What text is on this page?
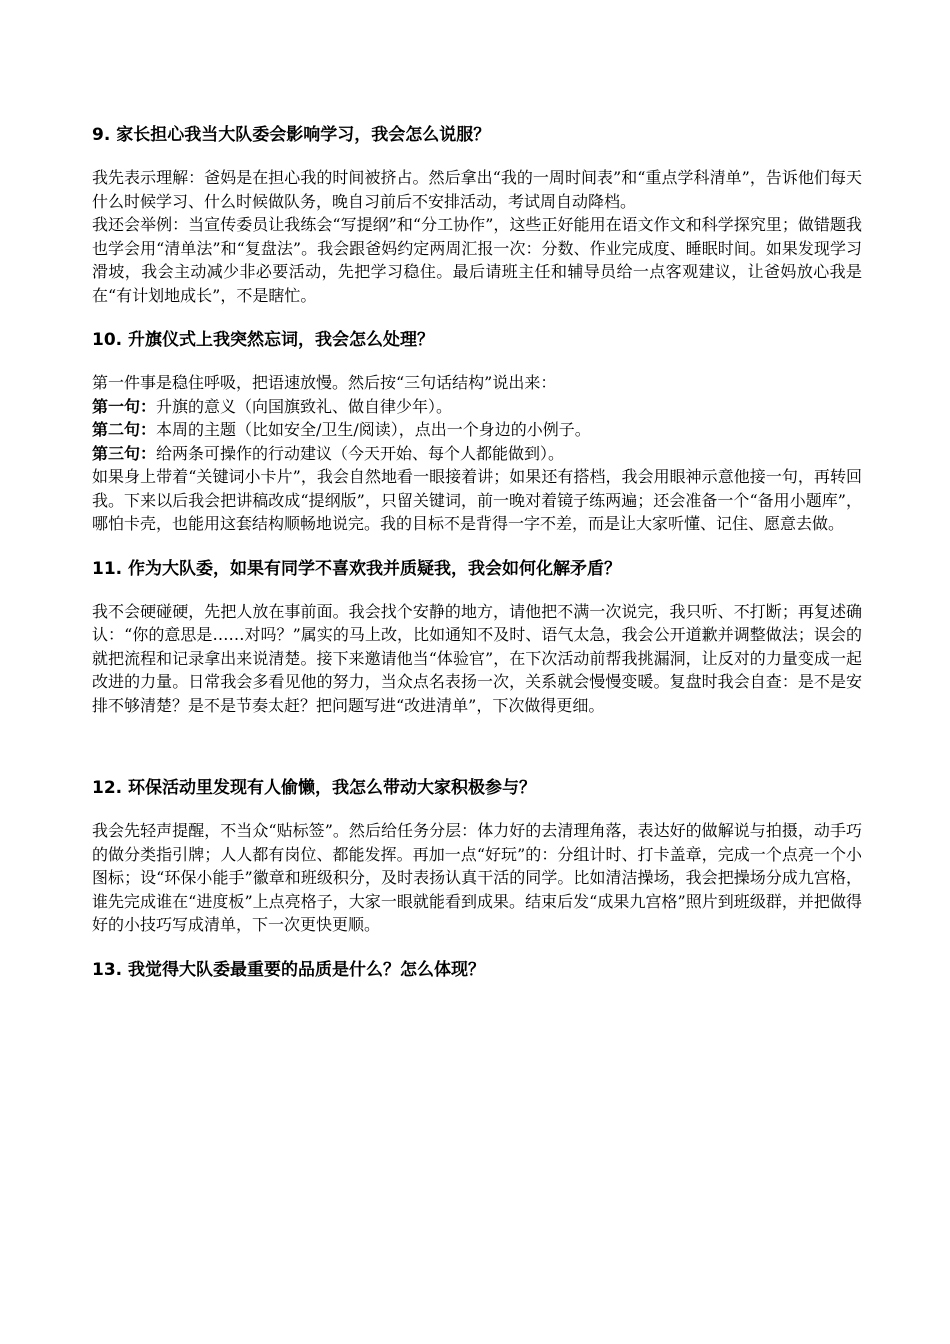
9. 家长担心我当大队委会影响学习，我会怎么说服？

我先表示理解：爸妈是在担心我的时间被挤占。然后拿出“我的一周时间表”和“重点学科清单”，告诉他们每天什么时候学习、什么时候做队务，晚自习前后不安排活动，考试周自动降档。

我还会举例：当宣传委员让我练会“写提纲”和“分工协作”，这些正好能用在语文作文和科学探究里；做错题我也学会用“清单法”和“复盘法”。我会跟爸妈约定两周汇报一次：分数、作业完成度、睡眠时间。如果发现学习滑坡，我会主动减少非必要活动，先把学习稳住。最后请班主任和辅导员给一点客观建议，让爸妈放心我是在“有计划地成长”，不是瞎忙。

10. 升旗仪式上我突然忘词，我会怎么处理？

第一件事是稳住呼吸，把语速放慢。然后按“三句话结构”说出来：

第一句：升旗的意义（向国旗致礼、做自律少年）。

第二句：本周的主题（比如安全/卫生/阅读），点出一个身边的小例子。

第三句：给两条可操作的行动建议（今天开始、每个人都能做到）。

如果身上带着“关键词小卡片”，我会自然地看一眼接着讲；如果还有搭档，我会用眼神示意他接一句，再转回我。下来以后我会把讲稿改成“提纲版”，只留关键词，前一晚对着镜子练两遍；还会准备一个“备用小题库”，哪怕卡壳，也能用这套结构顺畅地说完。我的目标不是背得一字不差，而是让大家听懂、记住、愿意去做。

11. 作为大队委，如果有同学不喜欢我并质疑我，我会如何化解矛盾？

我不会硬碰硬，先把人放在事前面。我会找个安静的地方，请他把不满一次说完，我只听、不打断；再复述确认：“你的意思是……对吗？”属实的马上改，比如通知不及时、语气太急，我会公开道歉并调整做法；误会的就把流程和记录拿出来说清楚。接下来邀请他当“体验官”，在下次活动前帮我挑漏洞，让反对的力量变成一起改进的力量。日常我会多看见他的努力，当众点名表扬一次，关系就会慢慢变暖。复盘时我会自查：是不是安排不够清楚？是不是节奏太赶？把问题写进“改进清单”，下次做得更细。

12. 环保活动里发现有人偷懒，我怎么带动大家积极参与？

我会先轻声提醒，不当众“贴标签”。然后给任务分层：体力好的去清理角落，表达好的做解说与拍摄，动手巧的做分类指引牌；人人都有岗位、都能发挥。再加一点“好玩”的：分组计时、打卡盖章，完成一个点亮一个小图标；设“环保小能手”徽章和班级积分，及时表扬认真干活的同学。比如清洁操场，我会把操场分成九宫格，谁先完成谁在“进度板”上点亮格子，大家一眼就能看到成果。结束后发“成果九宫格”照片到班级群，并把做得好的小技巧写成清单，下一次更快更顺。

13. 我觉得大队委最重要的品质是什么？怎么体现？
